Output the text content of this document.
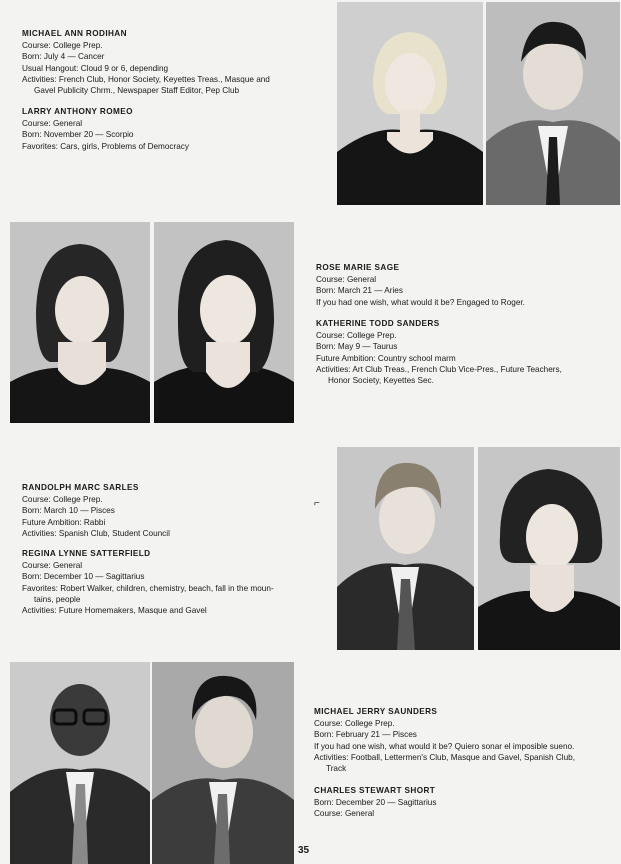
MICHAEL ANN RODIHAN
Course: College Prep.
Born: July 4 — Cancer
Usual Hangout: Cloud 9 or 6, depending
Activities: French Club, Honor Society, Keyettes Treas., Masque and
Gavel Publicity Chrm., Newspaper Staff Editor, Pep Club
LARRY ANTHONY ROMEO
Course: General
Born: November 20 — Scorpio
Favorites: Cars, girls, Problems of Democracy
ROSE MARIE SAGE
Course: General
Born: March 21 — Aries
If you had one wish, what would it be? Engaged to Roger.
KATHERINE TODD SANDERS
Course: College Prep.
Born: May 9 — Taurus
Future Ambition: Country school marm
Activities: Art Club Treas., French Club Vice-Pres., Future Teachers,
Honor Society, Keyettes Sec.
RANDOLPH MARC SARLES
Course: College Prep.
Born: March 10 — Pisces
Future Ambition: Rabbi
Activities: Spanish Club, Student Council
REGINA LYNNE SATTERFIELD
Course: General
Born: December 10 — Sagittarius
Favorites: Robert Walker, children, chemistry, beach, fall in the moun-
tains, people
Activities: Future Homemakers, Masque and Gavel
MICHAEL JERRY SAUNDERS
Course: College Prep.
Born: February 21 — Pisces
If you had one wish, what would it be? Quiero sonar el imposible sueno.
Activities: Football, Lettermen's Club, Masque and Gavel, Spanish Club,
Track
CHARLES STEWART SHORT
Born: December 20 — Sagittarius
Course: General
⌐
35
